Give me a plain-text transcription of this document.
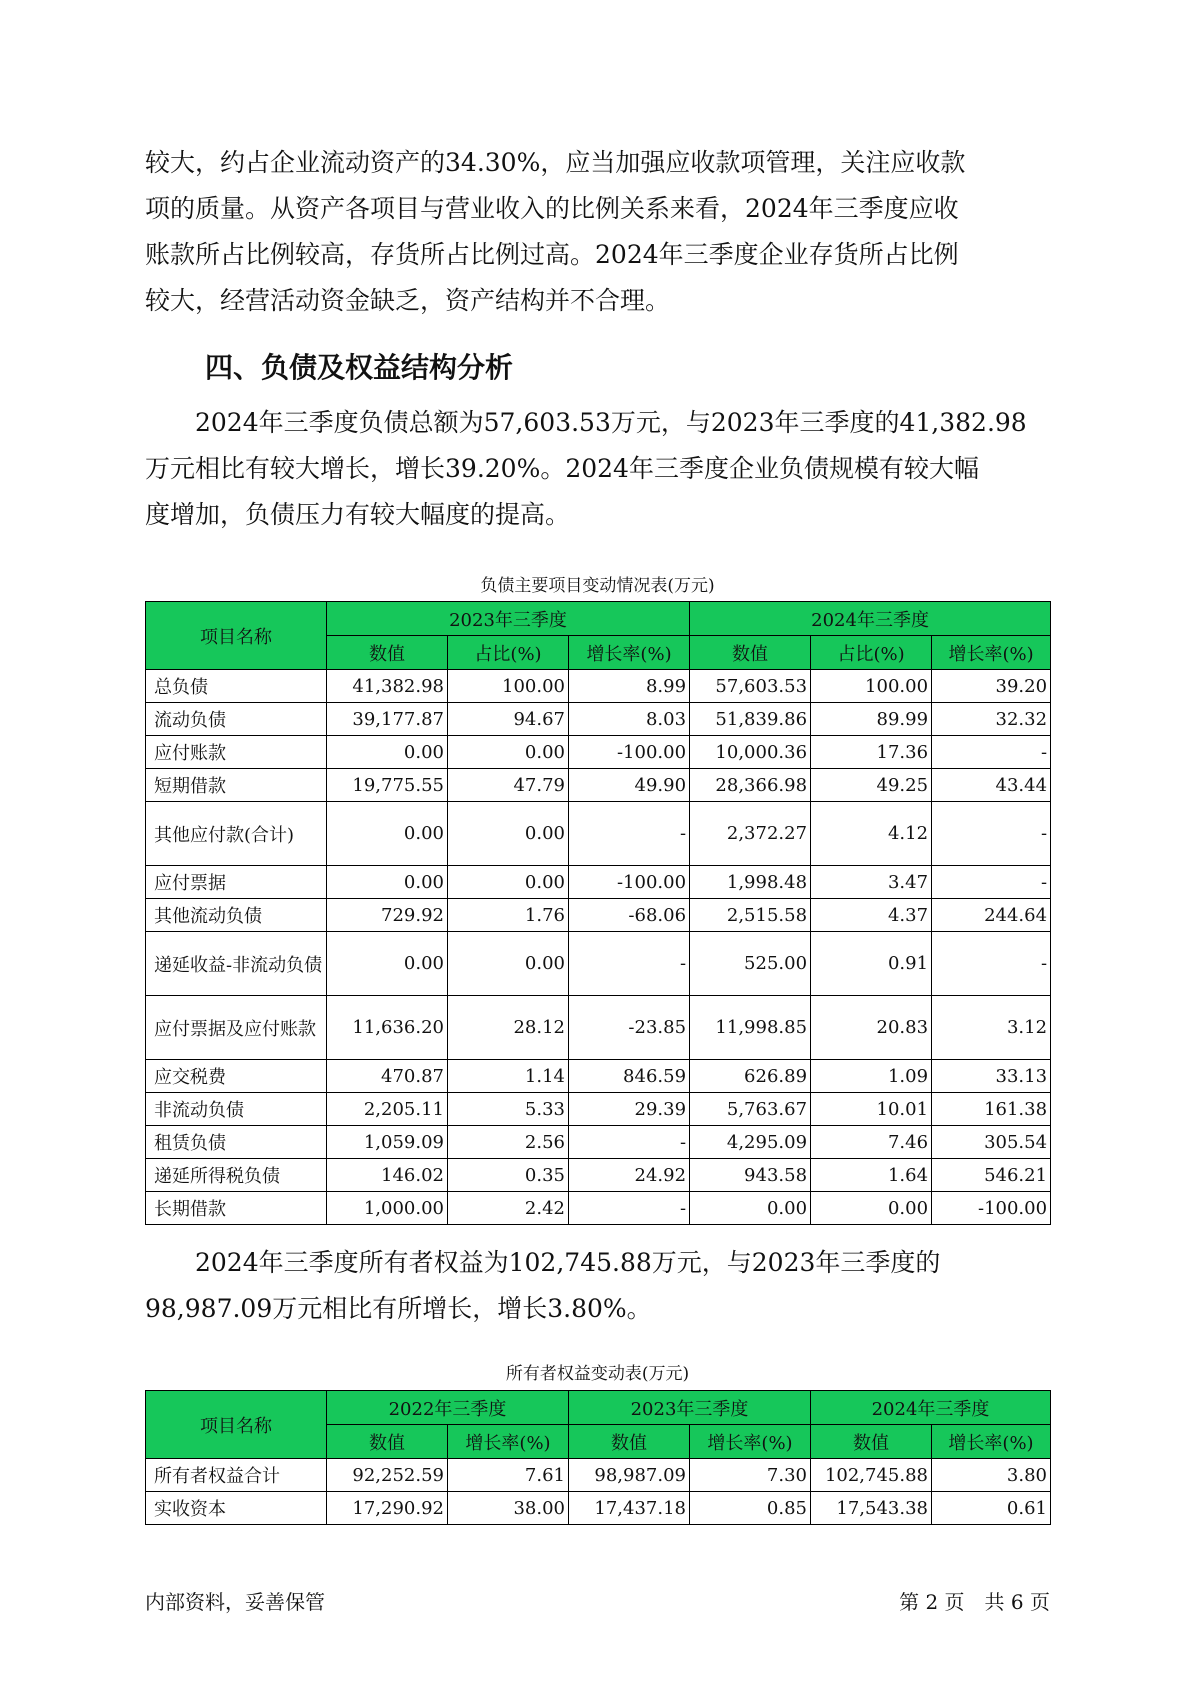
较大，约占企业流动资产的34.30%，应当加强应收款项管理，关注应收款
项的质量。从资产各项目与营业收入的比例关系来看，2024年三季度应收
账款所占比例较高，存货所占比例过高。2024年三季度企业存货所占比例
较大，经营活动资金缺乏，资产结构并不合理。

四、负债及权益结构分析

　　2024年三季度负债总额为57,603.53万元，与2023年三季度的41,382.98
万元相比有较大增长，增长39.20%。2024年三季度企业负债规模有较大幅
度增加，负债压力有较大幅度的提高。

负债主要项目变动情况表(万元)
项目名称	2023年三季度			2024年三季度		
	数值	占比(%)	增长率(%)	数值	占比(%)	增长率(%)
总负债	41,382.98	100.00	8.99	57,603.53	100.00	39.20
流动负债	39,177.87	94.67	8.03	51,839.86	89.99	32.32
应付账款	0.00	0.00	-100.00	10,000.36	17.36	-
短期借款	19,775.55	47.79	49.90	28,366.98	49.25	43.44
其他应付款(合计)	0.00	0.00	-	2,372.27	4.12	-
应付票据	0.00	0.00	-100.00	1,998.48	3.47	-
其他流动负债	729.92	1.76	-68.06	2,515.58	4.37	244.64
递延收益-非流动负债	0.00	0.00	-	525.00	0.91	-
应付票据及应付账款	11,636.20	28.12	-23.85	11,998.85	20.83	3.12
应交税费	470.87	1.14	846.59	626.89	1.09	33.13
非流动负债	2,205.11	5.33	29.39	5,763.67	10.01	161.38
租赁负债	1,059.09	2.56	-	4,295.09	7.46	305.54
递延所得税负债	146.02	0.35	24.92	943.58	1.64	546.21
长期借款	1,000.00	2.42	-	0.00	0.00	-100.00

　　2024年三季度所有者权益为102,745.88万元，与2023年三季度的
98,987.09万元相比有所增长，增长3.80%。

所有者权益变动表(万元)
项目名称	2022年三季度		2023年三季度		2024年三季度	
	数值	增长率(%)	数值	增长率(%)	数值	增长率(%)
所有者权益合计	92,252.59	7.61	98,987.09	7.30	102,745.88	3.80
实收资本	17,290.92	38.00	17,437.18	0.85	17,543.38	0.61
内部资料，妥善保管	第 2 页　共 6 页
